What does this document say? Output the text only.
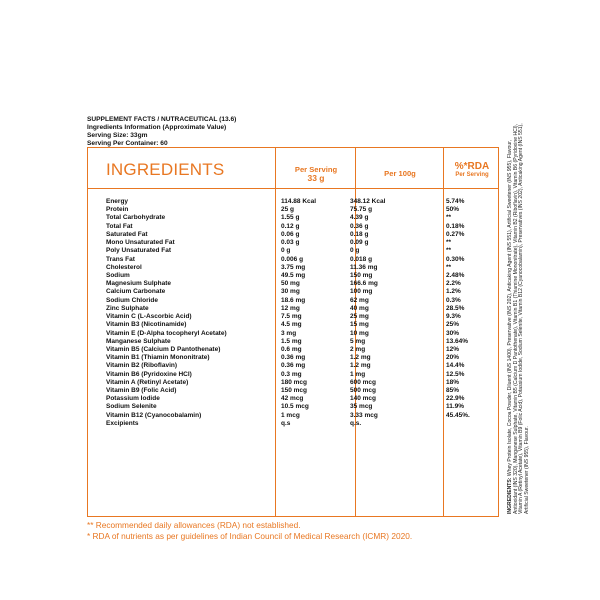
SUPPLEMENT FACTS / NUTRACEUTICAL (13.6)
Ingredients Information (Approximate Value)
Serving Size: 33gm
Serving Per Container: 60
INGREDIENTS	Per Serving
33 g	Per 100g
%*RDA
Per Serving
Energy	114.88 Kcal	348.12 Kcal	5.74%
Protein	25 g	75.75 g	50%
Total Carbohydrate	1.55 g	4.39 g	**
Total Fat	0.12 g	0.36 g	0.18%
Saturated Fat	0.06 g	0.18 g	0.27%
Mono Unsaturated Fat	0.03 g	0.09 g	**
Poly Unsaturated Fat	0 g	0 g	**
Trans Fat	0.006 g	0.018 g	0.30%
Cholesterol	3.75 mg	11.36 mg	**
Sodium	49.5 mg	150 mg	2.48%
Magnesium Sulphate	50 mg	166.6 mg	2.2%
Calcium Carbonate	30 mg	100 mg	1.2%
Sodium Chloride	18.6 mg	62 mg	0.3%
Zinc Sulphate	12 mg	40 mg	28.5%
Vitamin C (L-Ascorbic Acid)	7.5 mg	25 mg	9.3%
Vitamin B3 (Nicotinamide)	4.5 mg	15 mg	25%
Vitamin E (D-Alpha tocopheryl Acetate)	3 mg	10 mg	30%
Manganese Sulphate	1.5 mg	5 mg	13.64%
Vitamin B5 (Calcium D Pantothenate)	0.6 mg	2 mg	12%
Vitamin B1 (Thiamin Mononitrate)	0.36 mg	1.2 mg	20%
Vitamin B2 (Riboflavin)	0.36 mg	1.2 mg	14.4%
Vitamin B6 (Pyridoxine HCl)	0.3 mg	1 mg	12.5%
Vitamin A (Retinyl Acetate)	180 mcg	600 mcg	18%
Vitamin B9 (Folic Acid)	150 mcg	500 mcg	85%
Potassium Iodide	42 mcg	140 mcg	22.9%
Sodium Selenite	10.5 mcg	35 mcg	11.9%
Vitamin B12 (Cyanocobalamin)	1 mcg	3.33 mcg	45.45%.
Excipients	q.s	q.s.
INGREDIENTS: Whey Protein Isolate, Cocoa Powder, Diluent (INS 1400), Preservative (INS 202), Anticaking Agent (INS 551), Artificial Sweetener (INS 955), Flavour, Antioxidant (INS 320), Manganese Sulphate, Vitamin B5 (Calcium D Pantothenate), Vitamin B1 (Thiamine Mononitrate), Vitamin B2 (Riboflavin), Vitamin B6 (Pyridoxine HCl), Vitamin A (Retinyl Acetate), Vitamin B9 (Folic Acid), Potassium Iodide, Sodium Selenite, Vitamin B12 (Cyanocobalamin), Preservatives (INS 202), Anticaking Agent (INS 551), Artificial Sweetener (INS 955), Flavour.
** Recommended daily allowances (RDA) not established.
* RDA of nutrients as per guidelines of Indian Council of Medical Research (ICMR) 2020.
